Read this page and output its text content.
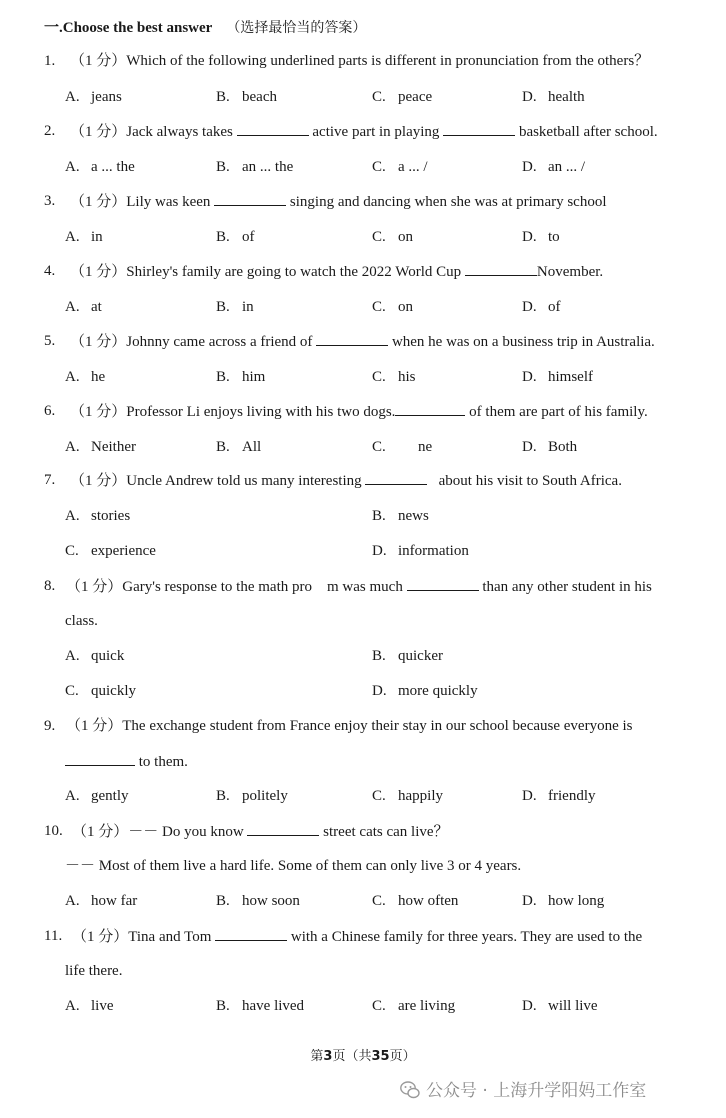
一.Choose the best answer （选择最恰当的答案）
1. （1 分）Which of the following underlined parts is different in pronunciation from the others？
A. jeans	B. beach	C. peace	D. health
2. （1 分）Jack always takes	active part in playing	basketball after school.
A. a ... the	B. an ... the	C. a ... /	D. an ... /
3. （1 分）Lily was keen	singing and dancing when she was at primary school
A. in	B. of	C. on	D. to
4. （1 分）Shirley's family are going to watch the 2022 World Cup	November.
A. at	B. in	C. on	D. of
5. （1 分）Johnny came across a friend of	when he was on a business trip in Australia.
A. he	B. him	C. his	D. himself
6. （1 分）Professor Li enjoys living with his two dogs.	of them are part of his family.
A. Neither	B. All	C. ne	D. Both
7. （1 分）Uncle Andrew told us many interesting	about his visit to South Africa.
A. stories	B. news
C. experience	D. information
8. （1 分）Gary's response to the math pro m was much	than any other student in his
class.
A. quick	B. quicker
C. quickly	D. more quickly
9. （1 分）The exchange student from France enjoy their stay in our school because everyone is
to them.
A. gently	B. politely	C. happily	D. friendly
10. （1 分）－－ Do you know	street cats can live？
－－ Most of them live a hard life. Some of them can only live 3 or 4 years.
A. how far	B. how soon	C. how often	D. how long
11. （1 分）Tina and Tom	with a Chinese family for three years. They are used to the
life there.
A. live	B. have lived	C. are living	D. will live
第3页（共35页）
公众号 · 上海升学阳妈工作室
